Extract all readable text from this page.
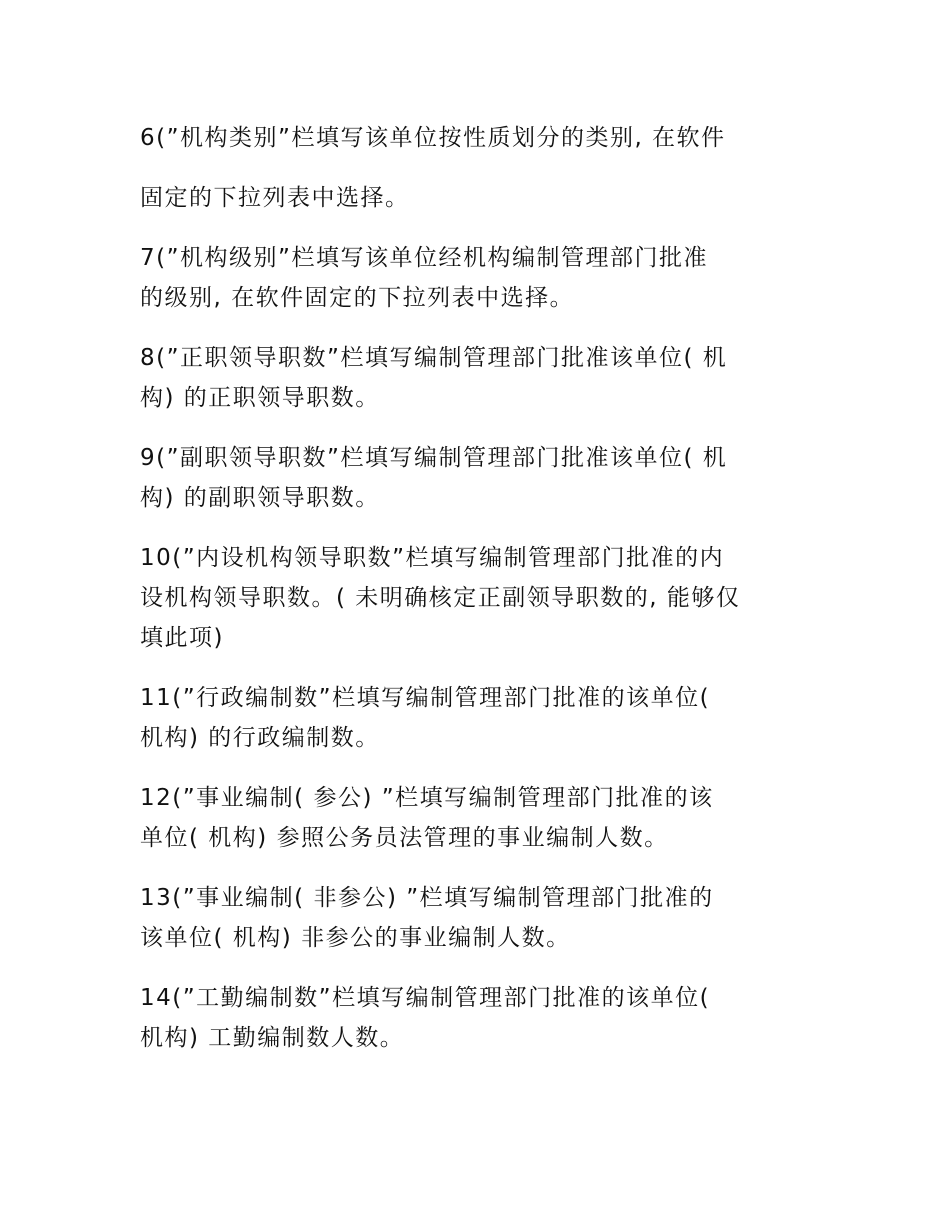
6(”机构类别”栏填写该单位按性质划分的类别, 在软件
固定的下拉列表中选择。
7(”机构级别”栏填写该单位经机构编制管理部门批准
的级别, 在软件固定的下拉列表中选择。
8(”正职领导职数”栏填写编制管理部门批准该单位( 机
构) 的正职领导职数。
9(”副职领导职数”栏填写编制管理部门批准该单位( 机
构) 的副职领导职数。
10(”内设机构领导职数”栏填写编制管理部门批准的内
设机构领导职数。( 未明确核定正副领导职数的, 能够仅
填此项)
11(”行政编制数”栏填写编制管理部门批准的该单位(
机构) 的行政编制数。
12(”事业编制( 参公) ”栏填写编制管理部门批准的该
单位( 机构) 参照公务员法管理的事业编制人数。
13(”事业编制( 非参公) ”栏填写编制管理部门批准的
该单位( 机构) 非参公的事业编制人数。
14(”工勤编制数”栏填写编制管理部门批准的该单位(
机构) 工勤编制数人数。
